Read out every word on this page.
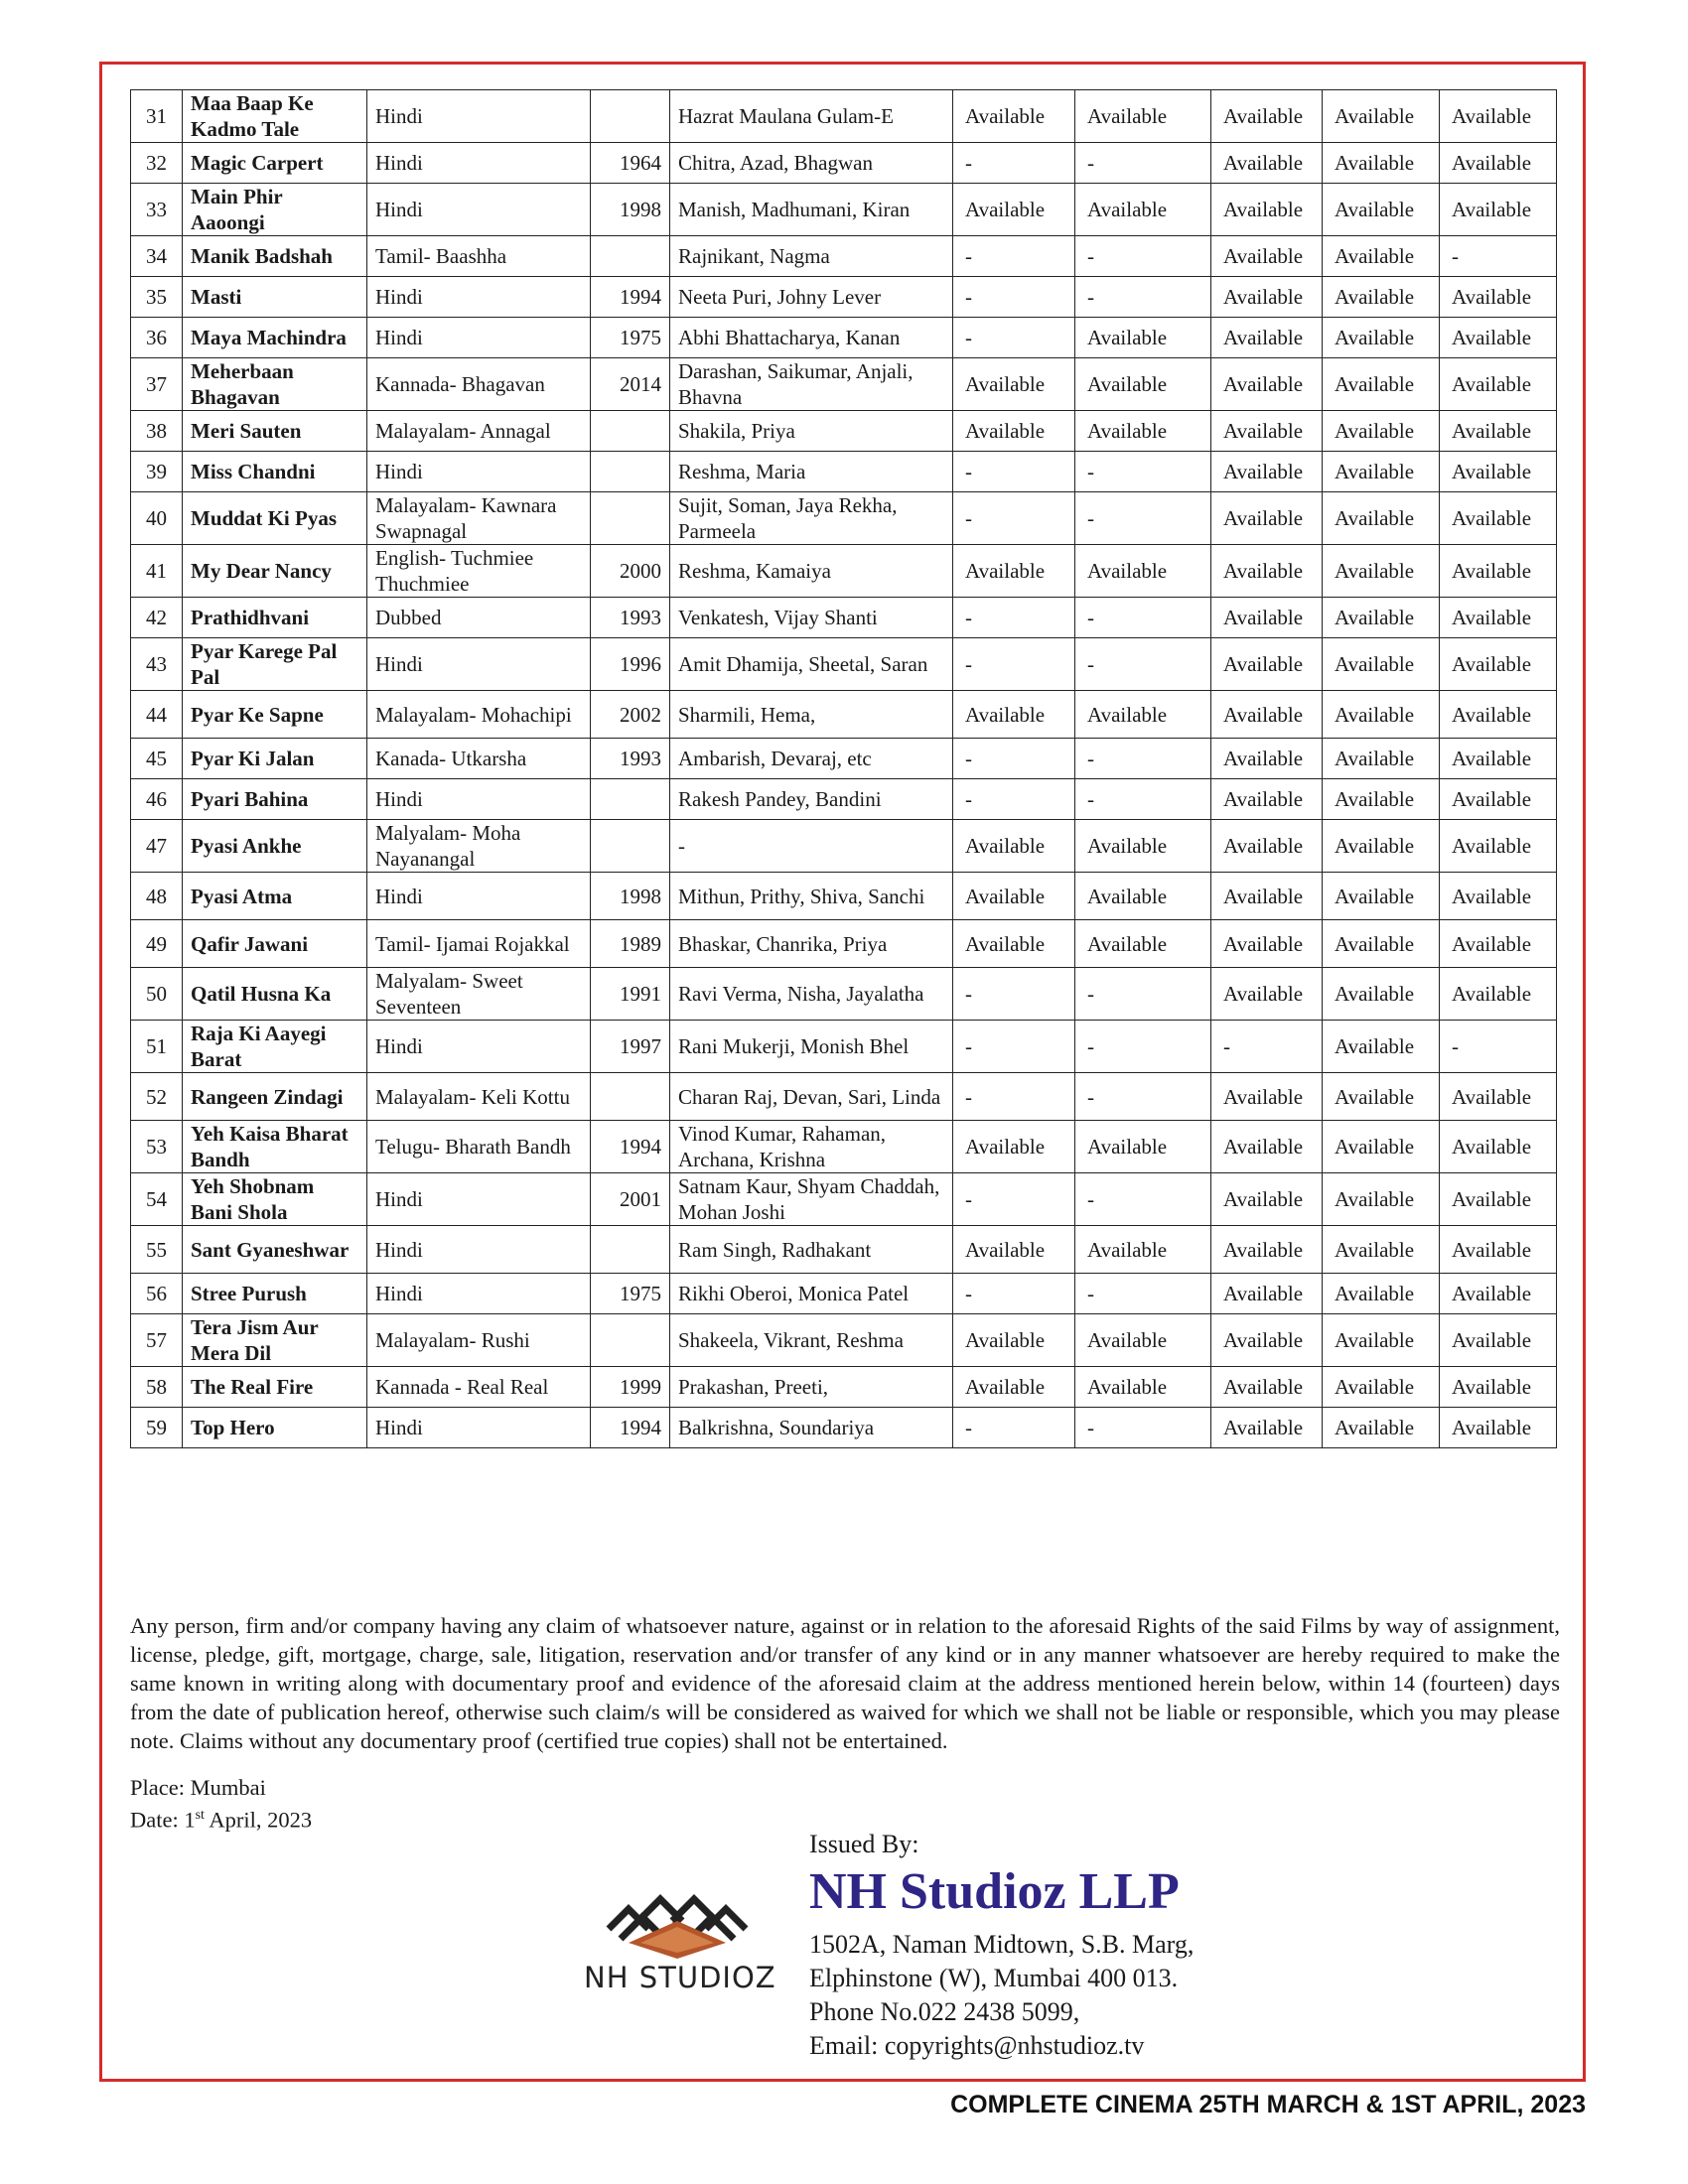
31	Maa Baap Ke Kadmo Tale	Hindi		Hazrat Maulana Gulam-E	Available	Available	Available	Available	Available
32	Magic Carpert	Hindi	1964	Chitra, Azad, Bhagwan	-	-	Available	Available	Available
33	Main Phir Aaoongi	Hindi	1998	Manish, Madhumani, Kiran	Available	Available	Available	Available	Available
34	Manik Badshah	Tamil- Baashha		Rajnikant, Nagma	-	-	Available	Available	-
35	Masti	Hindi	1994	Neeta Puri, Johny Lever	-	-	Available	Available	Available
36	Maya Machindra	Hindi	1975	Abhi Bhattacharya, Kanan	-	Available	Available	Available	Available
37	Meherbaan Bhagavan	Kannada- Bhagavan	2014	Darashan, Saikumar, Anjali, Bhavna	Available	Available	Available	Available	Available
38	Meri Sauten	Malayalam- Annagal		Shakila, Priya	Available	Available	Available	Available	Available
39	Miss Chandni	Hindi		Reshma, Maria	-	-	Available	Available	Available
40	Muddat Ki Pyas	Malayalam- Kawnara Swapnagal		Sujit, Soman, Jaya Rekha, Parmeela	-	-	Available	Available	Available
41	My Dear Nancy	English- Tuchmiee Thuchmiee	2000	Reshma, Kamaiya	Available	Available	Available	Available	Available
42	Prathidhvani	Dubbed	1993	Venkatesh, Vijay Shanti	-	-	Available	Available	Available
43	Pyar Karege Pal Pal	Hindi	1996	Amit Dhamija, Sheetal, Saran	-	-	Available	Available	Available
44	Pyar Ke Sapne	Malayalam- Mohachipi	2002	Sharmili, Hema,	Available	Available	Available	Available	Available
45	Pyar Ki Jalan	Kanada- Utkarsha	1993	Ambarish, Devaraj, etc	-	-	Available	Available	Available
46	Pyari Bahina	Hindi		Rakesh Pandey, Bandini	-	-	Available	Available	Available
47	Pyasi Ankhe	Malyalam- Moha Nayanangal		-	Available	Available	Available	Available	Available
48	Pyasi Atma	Hindi	1998	Mithun, Prithy, Shiva, Sanchi	Available	Available	Available	Available	Available
49	Qafir Jawani	Tamil- Ijamai Rojakkal	1989	Bhaskar, Chanrika, Priya	Available	Available	Available	Available	Available
50	Qatil Husna Ka	Malyalam- Sweet Seventeen	1991	Ravi Verma, Nisha, Jayalatha	-	-	Available	Available	Available
51	Raja Ki Aayegi Barat	Hindi	1997	Rani Mukerji, Monish Bhel	-	-	-	Available	-
52	Rangeen Zindagi	Malayalam- Keli Kottu		Charan Raj, Devan, Sari, Linda	-	-	Available	Available	Available
53	Yeh Kaisa Bharat Bandh	Telugu- Bharath Bandh	1994	Vinod Kumar, Rahaman, Archana, Krishna	Available	Available	Available	Available	Available
54	Yeh Shobnam Bani Shola	Hindi	2001	Satnam Kaur, Shyam Chaddah, Mohan Joshi	-	-	Available	Available	Available
55	Sant Gyaneshwar	Hindi		Ram Singh, Radhakant	Available	Available	Available	Available	Available
56	Stree Purush	Hindi	1975	Rikhi Oberoi, Monica Patel	-	-	Available	Available	Available
57	Tera Jism Aur Mera Dil	Malayalam- Rushi		Shakeela, Vikrant, Reshma	Available	Available	Available	Available	Available
58	The Real Fire	Kannada - Real Real	1999	Prakashan, Preeti,	Available	Available	Available	Available	Available
59	Top Hero	Hindi	1994	Balkrishna, Soundariya	-	-	Available	Available	Available

Any person, firm and/or company having any claim of whatsoever nature, against or in relation to the aforesaid Rights of the said Films by way of assignment, license, pledge, gift, mortgage, charge, sale, litigation, reservation and/or transfer of any kind or in any manner whatsoever are hereby required to make the same known in writing along with documentary proof and evidence of the aforesaid claim at the address mentioned herein below, within 14 (fourteen) days from the date of publication hereof, otherwise such claim/s will be considered as waived for which we shall not be liable or responsible, which you may please note. Claims without any documentary proof (certified true copies) shall not be entertained.

Place: Mumbai
Date: 1st April, 2023
NH STUDIOZ
Issued By:
NH Studioz LLP
1502A, Naman Midtown, S.B. Marg,
Elphinstone (W), Mumbai 400 013.
Phone No.022 2438 5099,
Email: copyrights@nhstudioz.tv
COMPLETE CINEMA 25TH MARCH & 1ST APRIL, 2023
